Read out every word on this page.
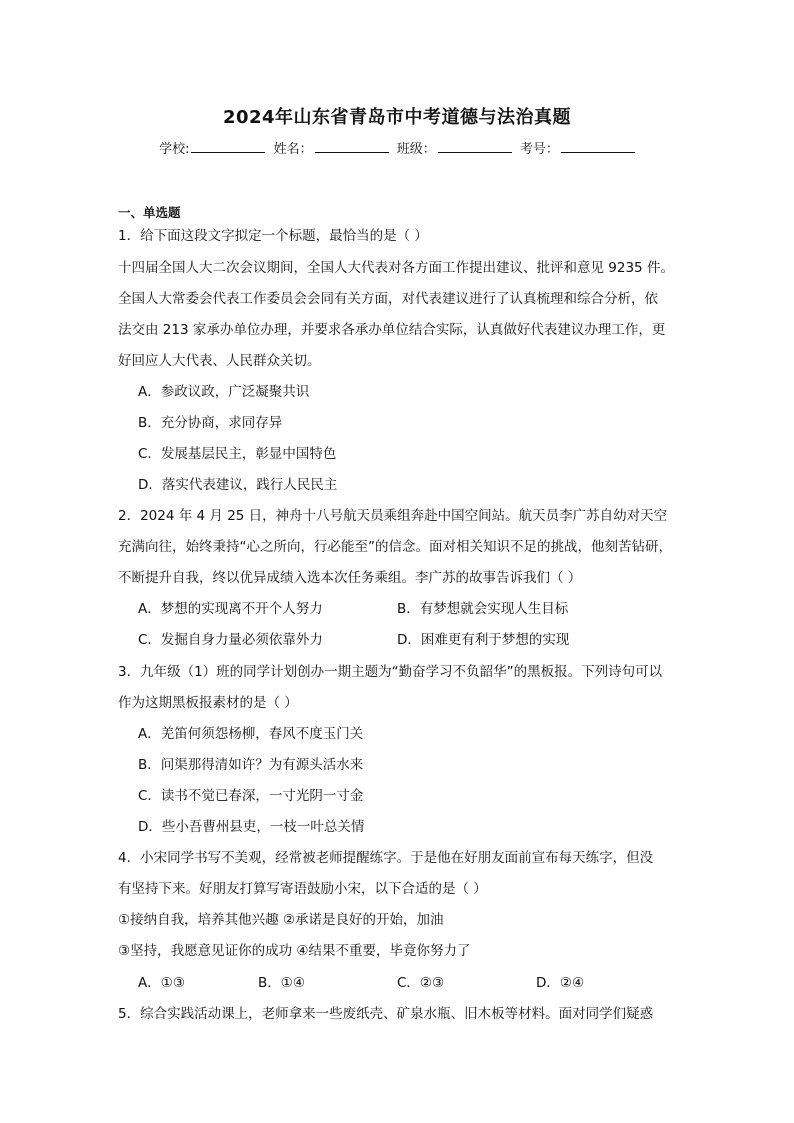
2024年山东省青岛市中考道德与法治真题
学校:	姓名：	班级：	考号：
一、单选题
1．给下面这段文字拟定一个标题，最恰当的是（ ）
十四届全国人大二次会议期间，全国人大代表对各方面工作提出建议、批评和意见 9235 件。
全国人大常委会代表工作委员会会同有关方面，对代表建议进行了认真梳理和综合分析，依
法交由 213 家承办单位办理，并要求各承办单位结合实际，认真做好代表建议办理工作，更
好回应人大代表、人民群众关切。
A．参政议政，广泛凝聚共识
B．充分协商，求同存异
C．发展基层民主，彰显中国特色
D．落实代表建议，践行人民民主
2．2024 年 4 月 25 日，神舟十八号航天员乘组奔赴中国空间站。航天员李广苏自幼对天空
充满向往，始终秉持“心之所向，行必能至”的信念。面对相关知识不足的挑战，他刻苦钻研，
不断提升自我，终以优异成绩入选本次任务乘组。李广苏的故事告诉我们（ ）
A．梦想的实现离不开个人努力	B．有梦想就会实现人生目标
C．发掘自身力量必须依靠外力	D．困难更有利于梦想的实现
3．九年级（1）班的同学计划创办一期主题为“勤奋学习不负韶华”的黑板报。下列诗句可以
作为这期黑板报素材的是（ ）
A．羌笛何须怨杨柳，春风不度玉门关
B．问渠那得清如许？为有源头活水来
C．读书不觉已春深，一寸光阴一寸金
D．些小吾曹州县吏，一枝一叶总关情
4．小宋同学书写不美观，经常被老师提醒练字。于是他在好朋友面前宣布每天练字，但没
有坚持下来。好朋友打算写寄语鼓励小宋，以下合适的是（ ）
①接纳自我，培养其他兴趣 ②承诺是良好的开始，加油
③坚持，我愿意见证你的成功 ④结果不重要，毕竟你努力了
A．①③	B．①④	C．②③	D．②④
5．综合实践活动课上，老师拿来一些废纸壳、矿泉水瓶、旧木板等材料。面对同学们疑惑
